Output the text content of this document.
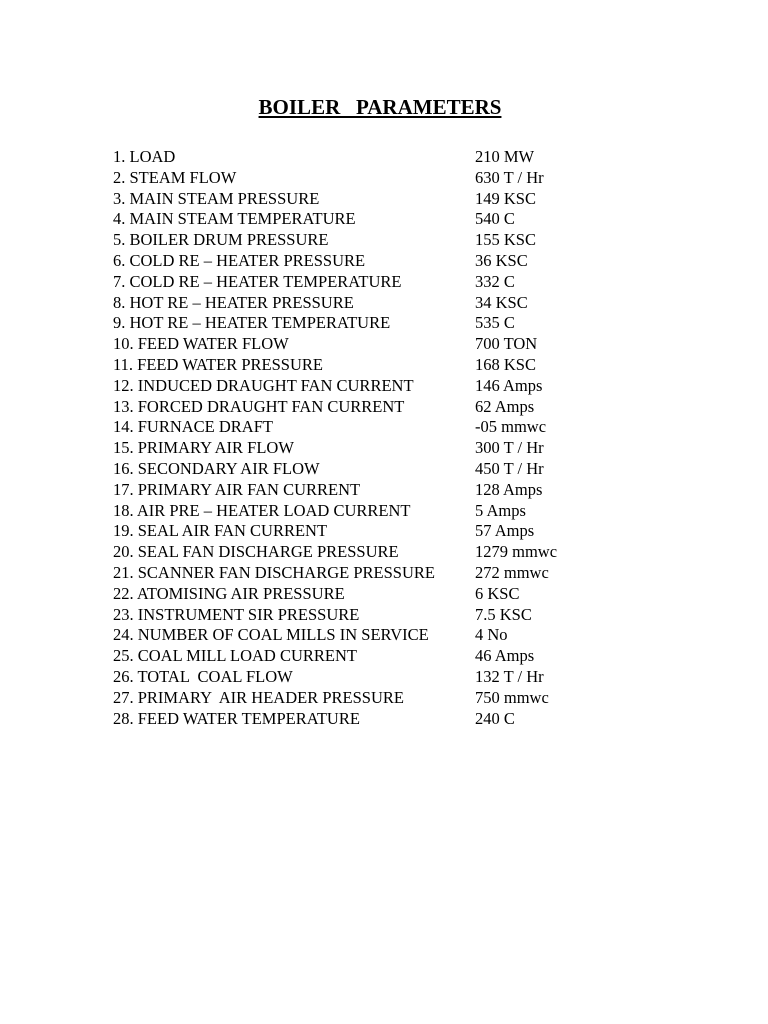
BOILER   PARAMETERS
1. LOAD	210 MW
2. STEAM FLOW	630 T / Hr
3. MAIN STEAM PRESSURE	149 KSC
4. MAIN STEAM TEMPERATURE	540 C
5. BOILER DRUM PRESSURE	155 KSC
6. COLD RE – HEATER PRESSURE	36 KSC
7. COLD RE – HEATER TEMPERATURE	332 C
8. HOT RE – HEATER PRESSURE	34 KSC
9. HOT RE – HEATER TEMPERATURE	535 C
10. FEED WATER FLOW	700 TON
11. FEED WATER PRESSURE	168 KSC
12. INDUCED DRAUGHT FAN CURRENT	146 Amps
13. FORCED DRAUGHT FAN CURRENT	62 Amps
14. FURNACE DRAFT	-05 mmwc
15. PRIMARY AIR FLOW	300 T / Hr
16. SECONDARY AIR FLOW	450 T / Hr
17. PRIMARY AIR FAN CURRENT	128 Amps
18. AIR PRE – HEATER LOAD CURRENT	5 Amps
19. SEAL AIR FAN CURRENT	57 Amps
20. SEAL FAN DISCHARGE PRESSURE	1279 mmwc
21. SCANNER FAN DISCHARGE PRESSURE 272 mmwc
22. ATOMISING AIR PRESSURE	6 KSC
23. INSTRUMENT SIR PRESSURE	7.5 KSC
24. NUMBER OF COAL MILLS IN SERVICE	4 No
25. COAL MILL LOAD CURRENT	46 Amps
26. TOTAL  COAL FLOW	132 T / Hr
27. PRIMARY  AIR HEADER PRESSURE	750 mmwc
28. FEED WATER TEMPERATURE	240 C
